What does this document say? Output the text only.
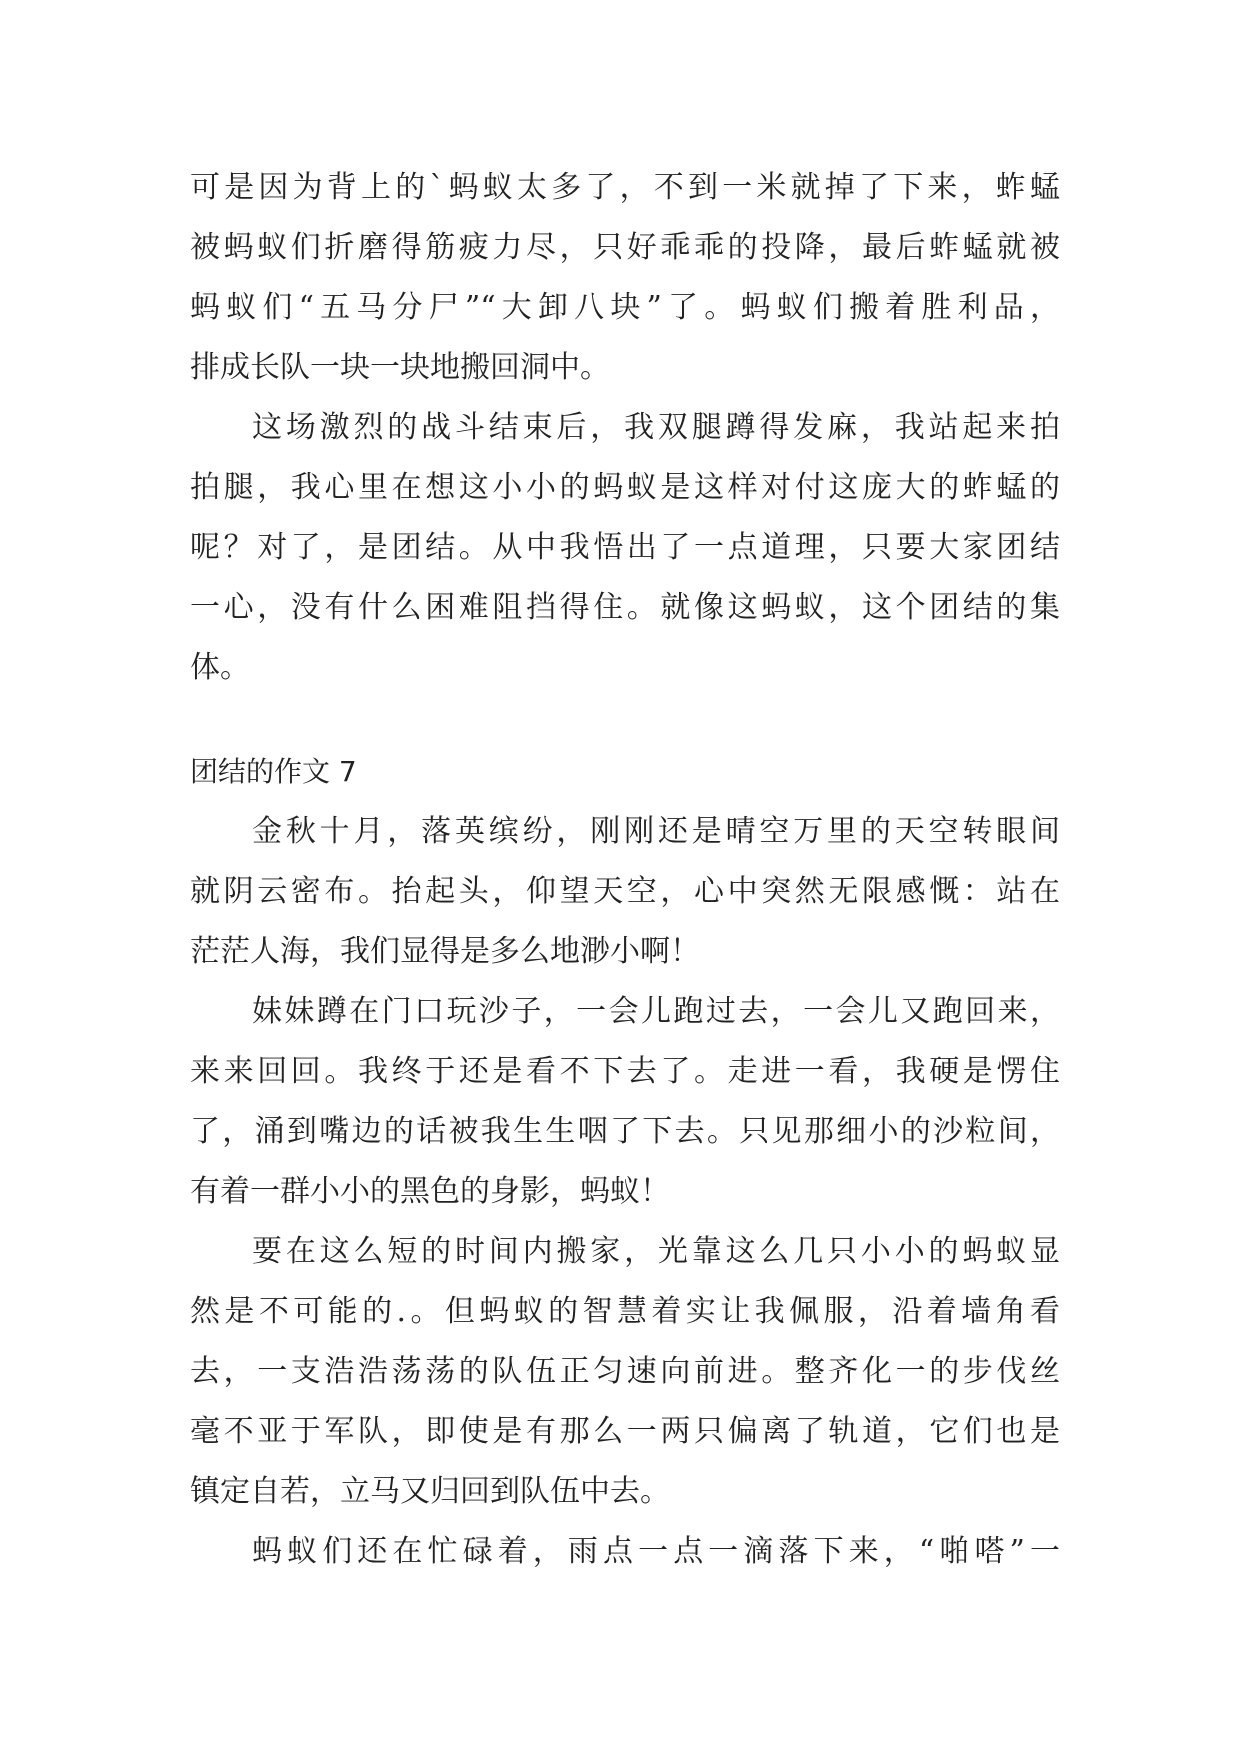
可是因为背上的`蚂蚁太多了，不到一米就掉了下来，蚱蜢

被蚂蚁们折磨得筋疲力尽，只好乖乖的投降，最后蚱蜢就被

蚂蚁们“五马分尸”“大卸八块”了。蚂蚁们搬着胜利品，

排成长队一块一块地搬回洞中。

这场激烈的战斗结束后，我双腿蹲得发麻，我站起来拍

拍腿，我心里在想这小小的蚂蚁是这样对付这庞大的蚱蜢的

呢？对了，是团结。从中我悟出了一点道理，只要大家团结

一心，没有什么困难阻挡得住。就像这蚂蚁，这个团结的集

体。

团结的作文 7

金秋十月，落英缤纷，刚刚还是晴空万里的天空转眼间

就阴云密布。抬起头，仰望天空，心中突然无限感慨：站在

茫茫人海，我们显得是多么地渺小啊！

妹妹蹲在门口玩沙子，一会儿跑过去，一会儿又跑回来，

来来回回。我终于还是看不下去了。走进一看，我硬是愣住

了，涌到嘴边的话被我生生咽了下去。只见那细小的沙粒间，

有着一群小小的黑色的身影，蚂蚁！

要在这么短的时间内搬家，光靠这么几只小小的蚂蚁显

然是不可能的.。但蚂蚁的智慧着实让我佩服，沿着墙角看

去，一支浩浩荡荡的队伍正匀速向前进。整齐化一的步伐丝

毫不亚于军队，即使是有那么一两只偏离了轨道，它们也是

镇定自若，立马又归回到队伍中去。

蚂蚁们还在忙碌着，雨点一点一滴落下来，“啪嗒”一
